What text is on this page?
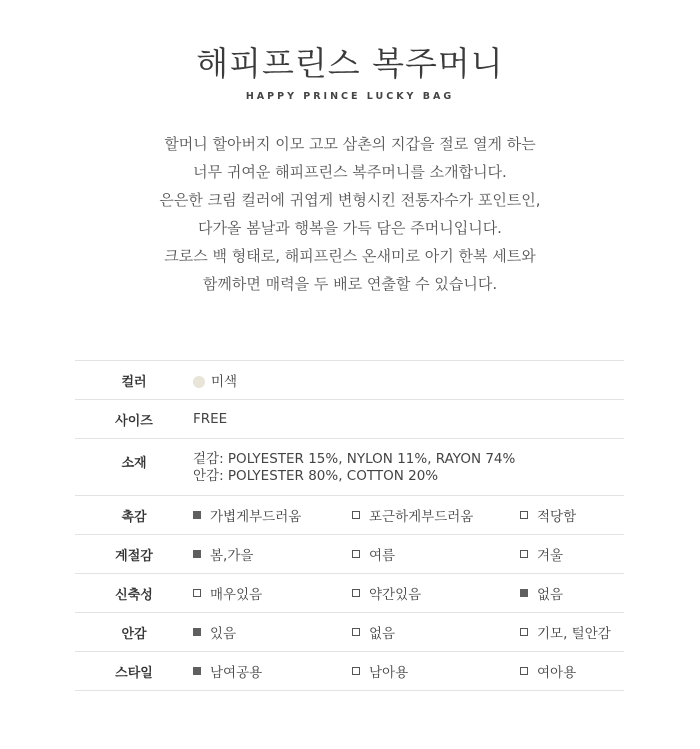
해피프린스 복주머니
HAPPY PRINCE LUCKY BAG
할머니 할아버지 이모 고모 삼촌의 지갑을 절로 열게 하는
너무 귀여운 해피프린스 복주머니를 소개합니다.
은은한 크림 컬러에 귀엽게 변형시킨 전통자수가 포인트인,
다가올 봄날과 행복을 가득 담은 주머니입니다.
크로스 백 형태로, 해피프린스 온새미로 아기 한복 세트와
함께하면 매력을 두 배로 연출할 수 있습니다.
컬러	미색		
사이즈	FREE		
소재	겉감: POLYESTER 15%, NYLON 11%, RAYON 74%
안감: POLYESTER 80%, COTTON 20%		

촉감	가볍게부드러움	포근하게부드러움	적당함

계절감	봄,가을	여름	겨울

신축성	매우있음	약간있음	없음

안감	있음	없음	기모, 털안감

스타일	남여공용	남아용	여아용
